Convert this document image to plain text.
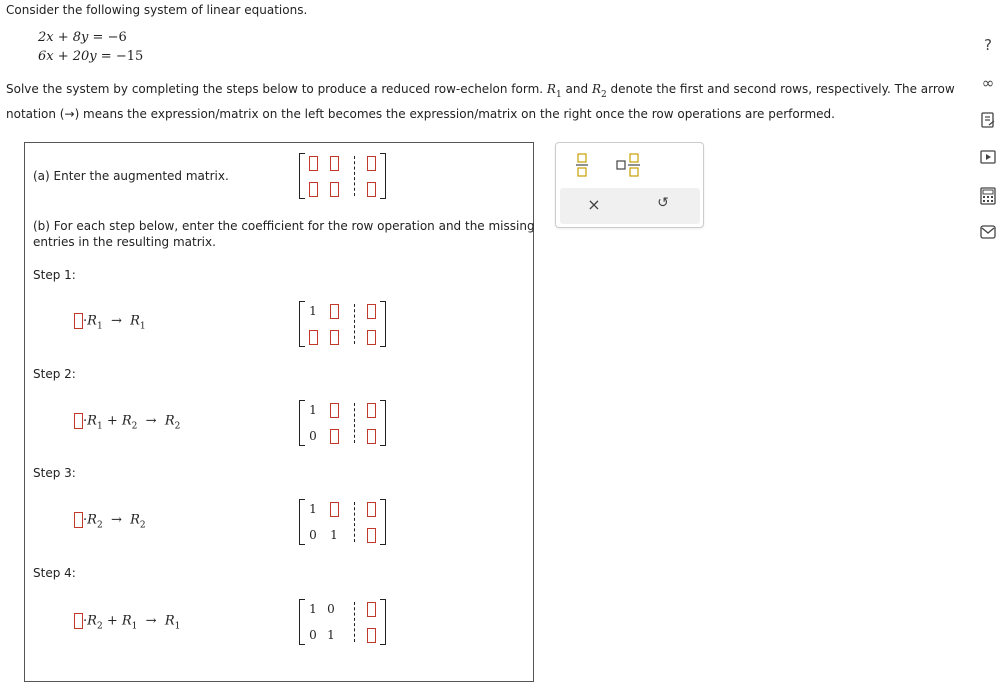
Consider the following system of linear equations.
2x + 8y = −6
6x + 20y = −15
Solve the system by completing the steps below to produce a reduced row-echelon form. $R_1$ and $R_2$ denote the first and second rows, respectively. The arrow
notation (→) means the expression/matrix on the left becomes the expression/matrix on the right once the row operations are performed.
(a) Enter the augmented matrix.
(b) For each step below, enter the coefficient for the row operation and the missing
entries in the resulting matrix.
Step 1:
$\cdot R_1 \to R_1$
1
Step 2:
$\cdot R_1 + R_2 \to R_2$
1
0
Step 3:
$\cdot R_2 \to R_2$
1
0 1
Step 4:
$\cdot R_2 + R_1 \to R_1$
1 0
0 1
×	↺
?
∞
